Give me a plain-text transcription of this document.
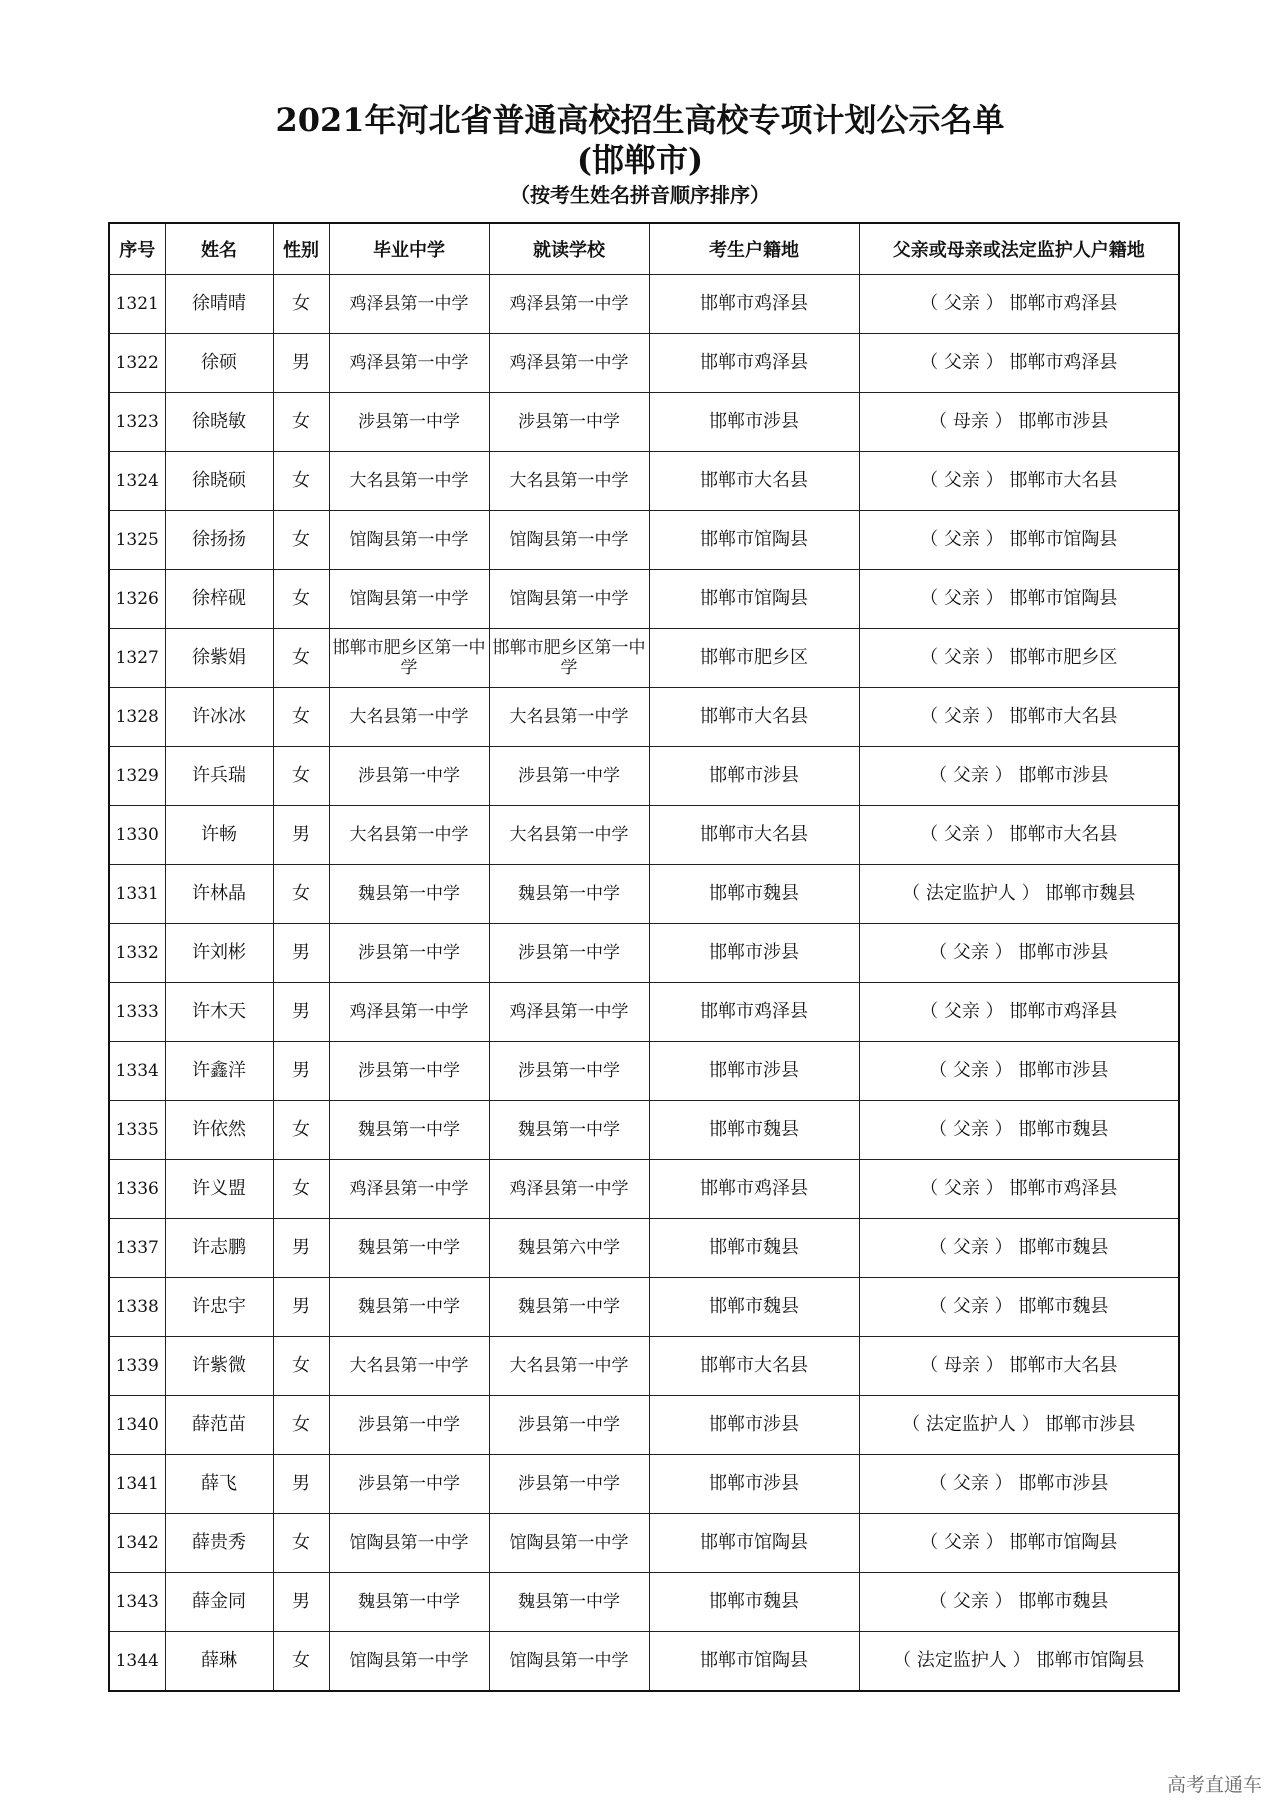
2021年河北省普通高校招生高校专项计划公示名单
(邯郸市)
（按考生姓名拼音顺序排序）
序号	姓名	性别	毕业中学	就读学校	考生户籍地	父亲或母亲或法定监护人户籍地
1321	徐晴晴	女	鸡泽县第一中学	鸡泽县第一中学	邯郸市鸡泽县	（ 父亲 ） 邯郸市鸡泽县
1322	徐硕	男	鸡泽县第一中学	鸡泽县第一中学	邯郸市鸡泽县	（ 父亲 ） 邯郸市鸡泽县
1323	徐晓敏	女	涉县第一中学	涉县第一中学	邯郸市涉县	（ 母亲 ） 邯郸市涉县
1324	徐晓硕	女	大名县第一中学	大名县第一中学	邯郸市大名县	（ 父亲 ） 邯郸市大名县
1325	徐扬扬	女	馆陶县第一中学	馆陶县第一中学	邯郸市馆陶县	（ 父亲 ） 邯郸市馆陶县
1326	徐梓砚	女	馆陶县第一中学	馆陶县第一中学	邯郸市馆陶县	（ 父亲 ） 邯郸市馆陶县
1327	徐紫娟	女	邯郸市肥乡区第一中学	邯郸市肥乡区第一中学	邯郸市肥乡区	（ 父亲 ） 邯郸市肥乡区
1328	许冰冰	女	大名县第一中学	大名县第一中学	邯郸市大名县	（ 父亲 ） 邯郸市大名县
1329	许兵瑞	女	涉县第一中学	涉县第一中学	邯郸市涉县	（ 父亲 ） 邯郸市涉县
1330	许畅	男	大名县第一中学	大名县第一中学	邯郸市大名县	（ 父亲 ） 邯郸市大名县
1331	许林晶	女	魏县第一中学	魏县第一中学	邯郸市魏县	（ 法定监护人 ） 邯郸市魏县
1332	许刘彬	男	涉县第一中学	涉县第一中学	邯郸市涉县	（ 父亲 ） 邯郸市涉县
1333	许木天	男	鸡泽县第一中学	鸡泽县第一中学	邯郸市鸡泽县	（ 父亲 ） 邯郸市鸡泽县
1334	许鑫洋	男	涉县第一中学	涉县第一中学	邯郸市涉县	（ 父亲 ） 邯郸市涉县
1335	许依然	女	魏县第一中学	魏县第一中学	邯郸市魏县	（ 父亲 ） 邯郸市魏县
1336	许义盟	女	鸡泽县第一中学	鸡泽县第一中学	邯郸市鸡泽县	（ 父亲 ） 邯郸市鸡泽县
1337	许志鹏	男	魏县第一中学	魏县第六中学	邯郸市魏县	（ 父亲 ） 邯郸市魏县
1338	许忠宇	男	魏县第一中学	魏县第一中学	邯郸市魏县	（ 父亲 ） 邯郸市魏县
1339	许紫微	女	大名县第一中学	大名县第一中学	邯郸市大名县	（ 母亲 ） 邯郸市大名县
1340	薛范苗	女	涉县第一中学	涉县第一中学	邯郸市涉县	（ 法定监护人 ） 邯郸市涉县
1341	薛飞	男	涉县第一中学	涉县第一中学	邯郸市涉县	（ 父亲 ） 邯郸市涉县
1342	薛贵秀	女	馆陶县第一中学	馆陶县第一中学	邯郸市馆陶县	（ 父亲 ） 邯郸市馆陶县
1343	薛金同	男	魏县第一中学	魏县第一中学	邯郸市魏县	（ 父亲 ） 邯郸市魏县
1344	薛琳	女	馆陶县第一中学	馆陶县第一中学	邯郸市馆陶县	（ 法定监护人 ） 邯郸市馆陶县
高考直通车
